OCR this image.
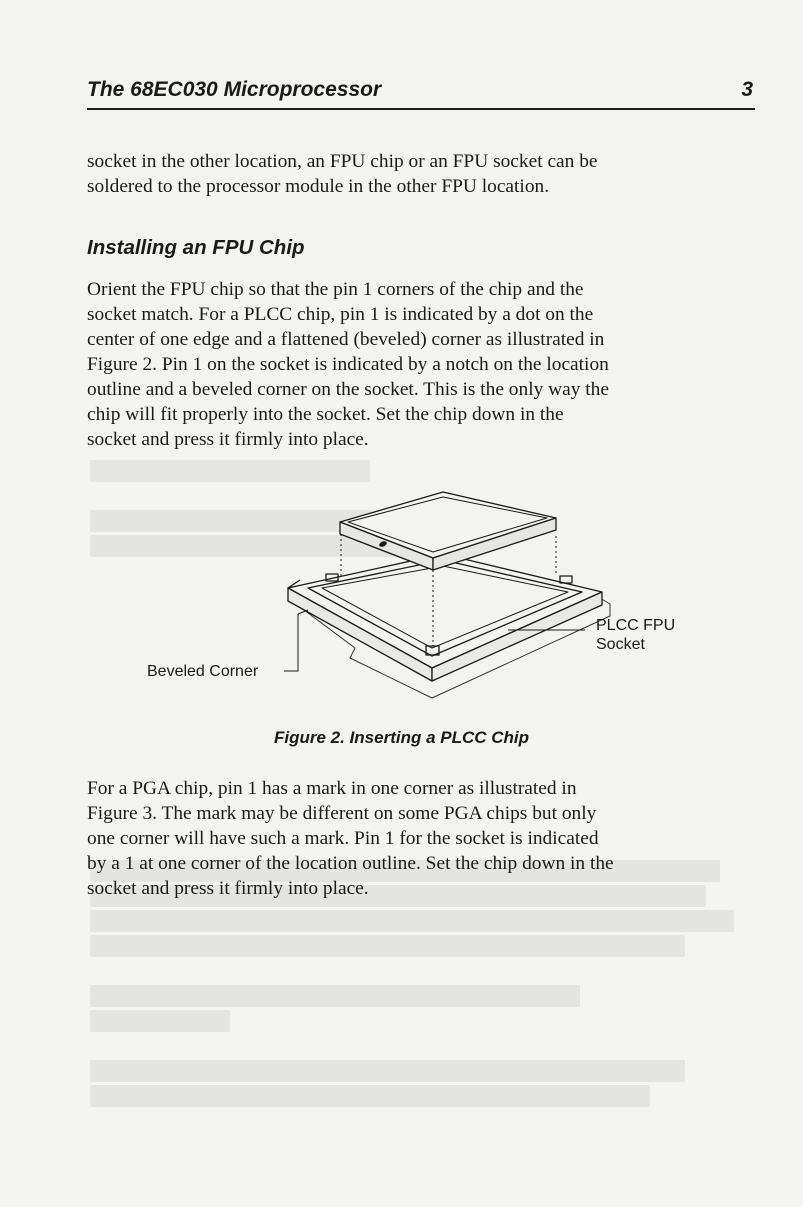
The 68EC030 Microprocessor	3

socket in the other location, an FPU chip or an FPU socket can be
soldered to the processor module in the other FPU location.

Installing an FPU Chip

Orient the FPU chip so that the pin 1 corners of the chip and the
socket match. For a PLCC chip, pin 1 is indicated by a dot on the
center of one edge and a flattened (beveled) corner as illustrated in
Figure 2. Pin 1 on the socket is indicated by a notch on the location
outline and a beveled corner on the socket. This is the only way the
chip will fit properly into the socket. Set the chip down in the
socket and press it firmly into place.

PLCC FPU
Socket
Beveled Corner
Figure 2. Inserting a PLCC Chip

For a PGA chip, pin 1 has a mark in one corner as illustrated in
Figure 3. The mark may be different on some PGA chips but only
one corner will have such a mark. Pin 1 for the socket is indicated
by a 1 at one corner of the location outline. Set the chip down in the
socket and press it firmly into place.
